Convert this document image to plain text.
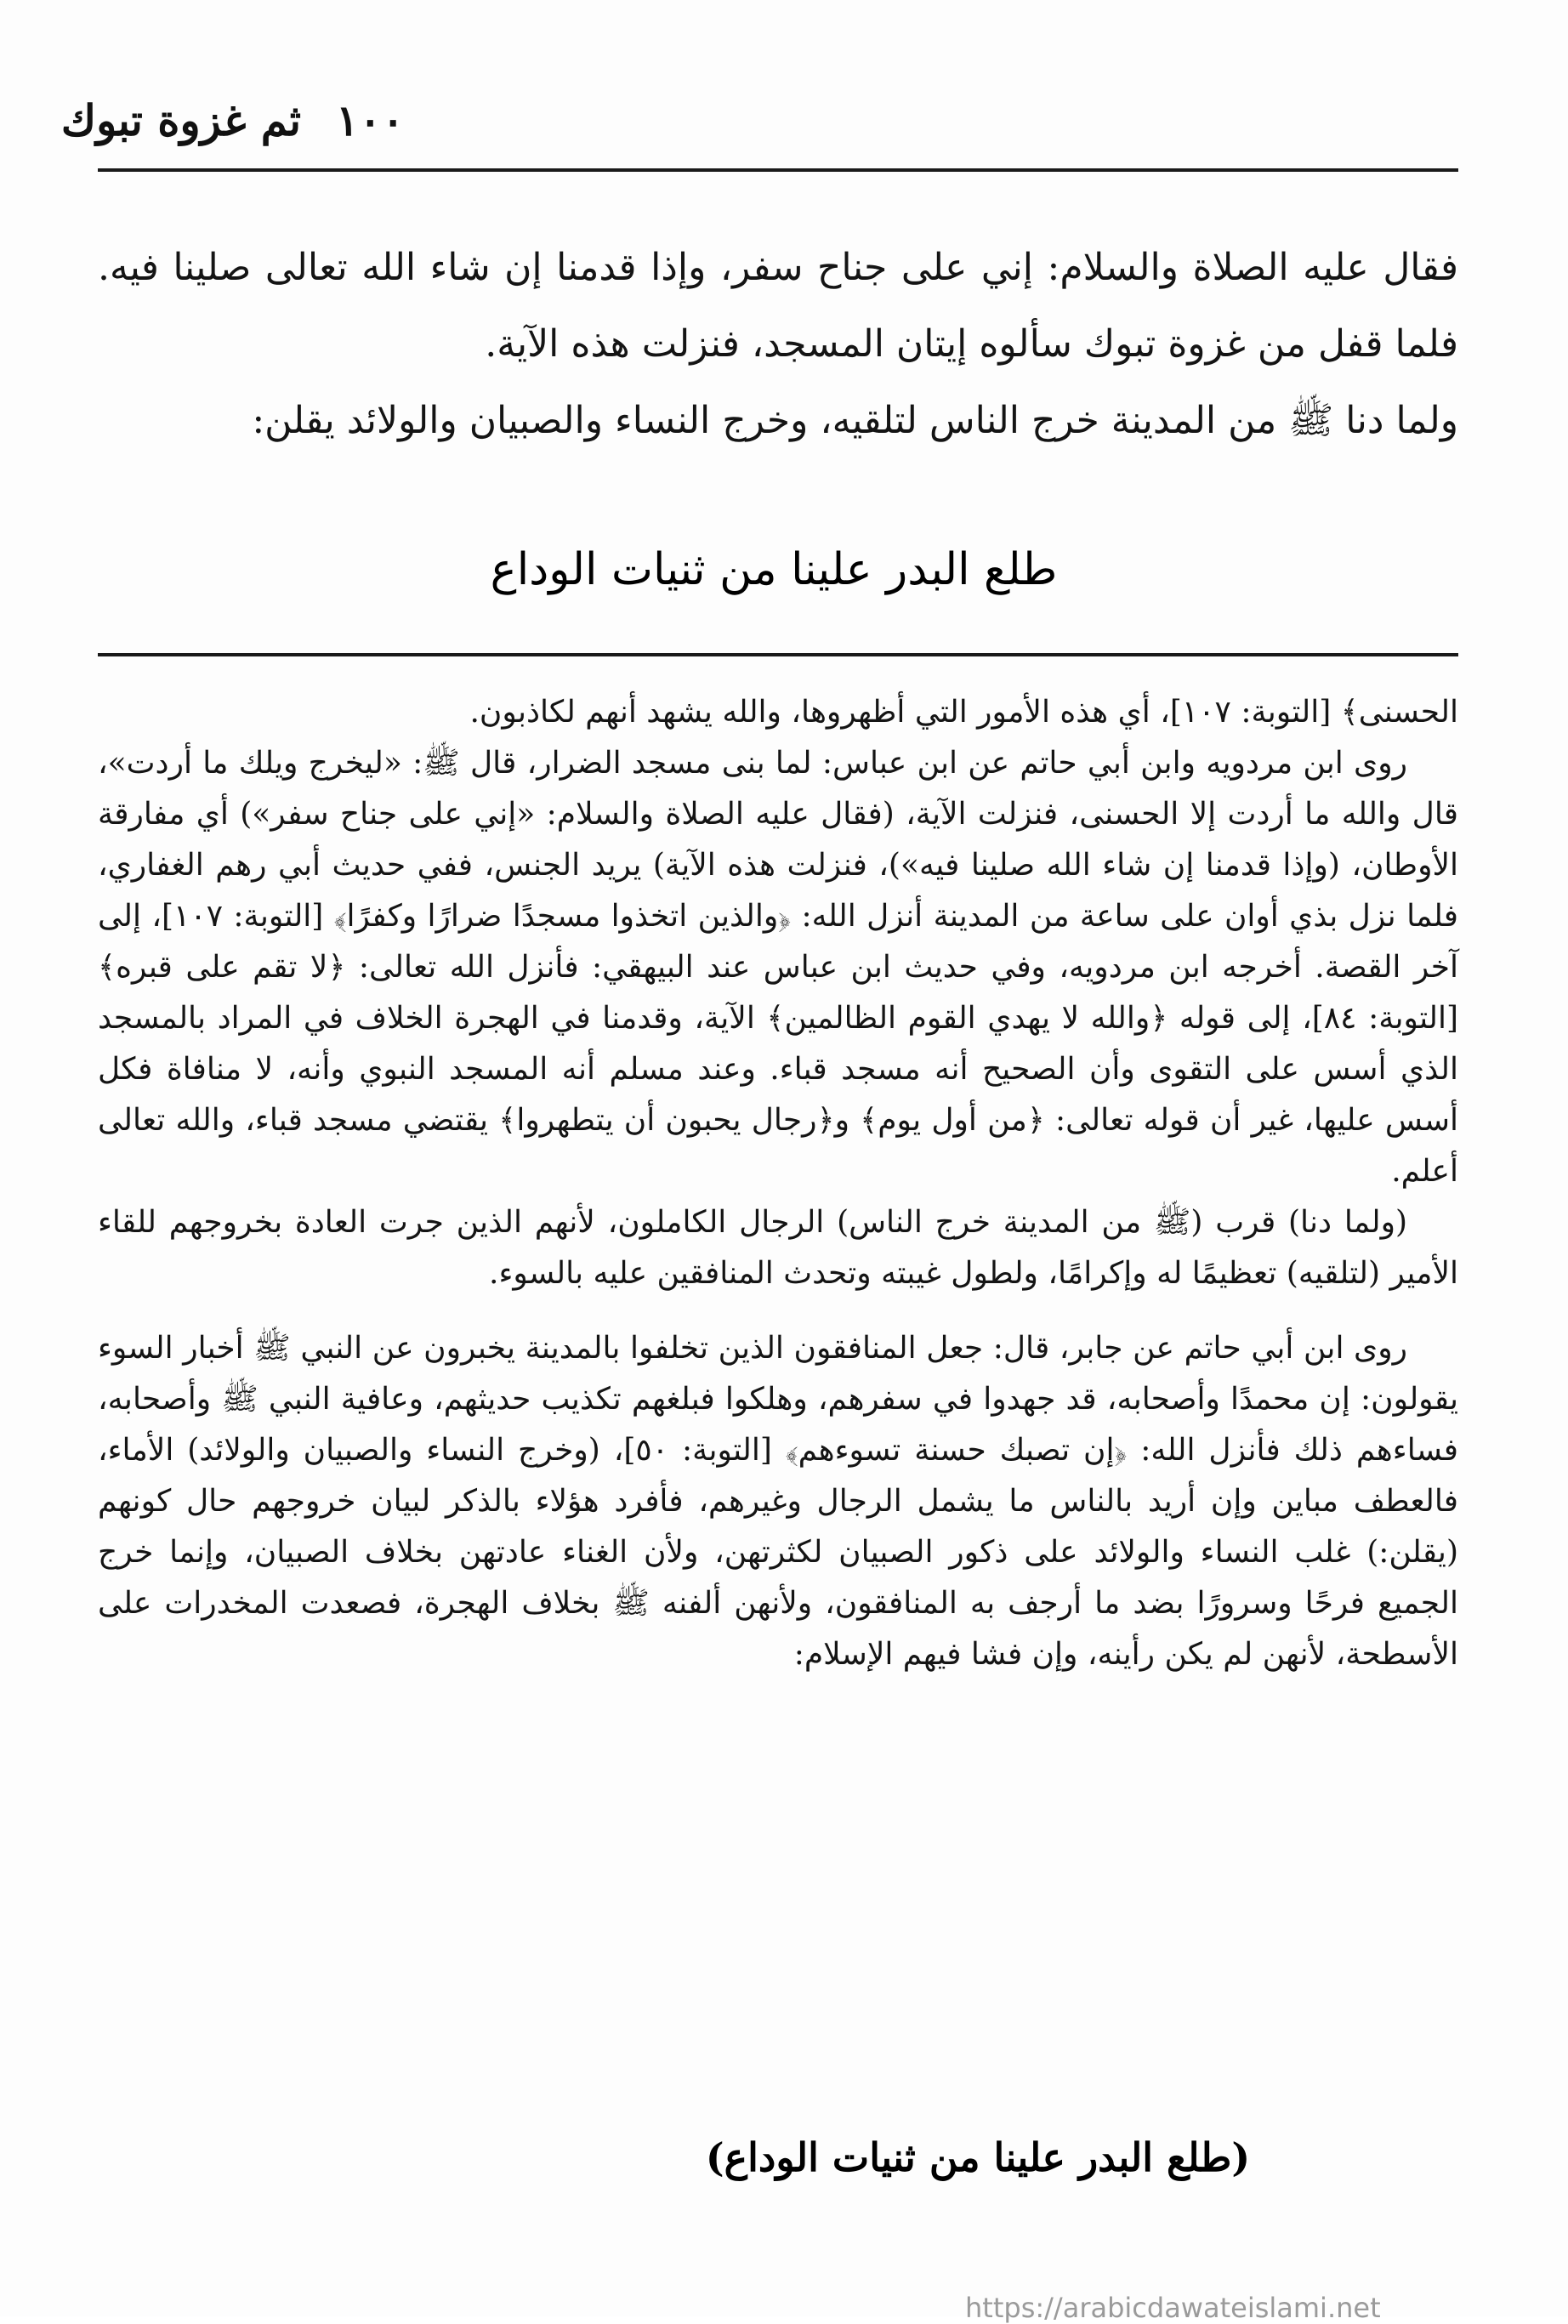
١٠٠
ثم غزوة تبوك

فقال عليه الصلاة والسلام: إني على جناح سفر، وإذا قدمنا إن شاء الله تعالى صلينا فيه. فلما قفل من غزوة تبوك سألوه إيتان المسجد، فنزلت هذه الآية.

ولما دنا ﷺ من المدينة خرج الناس لتلقيه، وخرج النساء والصبيان والولائد يقلن:

طلع البدر علينا من ثنيات الوداع

الحسنى﴾ [التوبة: ١٠٧]، أي هذه الأمور التي أظهروها، والله يشهد أنهم لكاذبون.

روى ابن مردويه وابن أبي حاتم عن ابن عباس: لما بنى مسجد الضرار، قال ﷺ: «ليخرج ويلك ما أردت»، قال والله ما أردت إلا الحسنى، فنزلت الآية، (فقال عليه الصلاة والسلام: «إني على جناح سفر») أي مفارقة الأوطان، (وإذا قدمنا إن شاء الله صلينا فيه»)، فنزلت هذه الآية) يريد الجنس، ففي حديث أبي رهم الغفاري، فلما نزل بذي أوان على ساعة من المدينة أنزل الله: ﴿والذين اتخذوا مسجدًا ضرارًا وكفرًا﴾ [التوبة: ١٠٧]، إلى آخر القصة. أخرجه ابن مردويه، وفي حديث ابن عباس عند البيهقي: فأنزل الله تعالى: ﴿لا تقم على قبره﴾ [التوبة: ٨٤]، إلى قوله ﴿والله لا يهدي القوم الظالمين﴾ الآية، وقدمنا في الهجرة الخلاف في المراد بالمسجد الذي أسس على التقوى وأن الصحيح أنه مسجد قباء. وعند مسلم أنه المسجد النبوي وأنه، لا منافاة فكل أسس عليها، غير أن قوله تعالى: ﴿من أول يوم﴾ و﴿رجال يحبون أن يتطهروا﴾ يقتضي مسجد قباء، والله تعالى أعلم.

(ولما دنا) قرب (ﷺ من المدينة خرج الناس) الرجال الكاملون، لأنهم الذين جرت العادة بخروجهم للقاء الأمير (لتلقيه) تعظيمًا له وإكرامًا، ولطول غيبته وتحدث المنافقين عليه بالسوء.

روى ابن أبي حاتم عن جابر، قال: جعل المنافقون الذين تخلفوا بالمدينة يخبرون عن النبي ﷺ أخبار السوء يقولون: إن محمدًا وأصحابه، قد جهدوا في سفرهم، وهلكوا فبلغهم تكذيب حديثهم، وعافية النبي ﷺ وأصحابه، فساءهم ذلك فأنزل الله: ﴿إن تصبك حسنة تسوءهم﴾ [التوبة: ٥٠]، (وخرج النساء والصبيان والولائد) الأماء، فالعطف مباين وإن أريد بالناس ما يشمل الرجال وغيرهم، فأفرد هؤلاء بالذكر لبيان خروجهم حال كونهم (يقلن:) غلب النساء والولائد على ذكور الصبيان لكثرتهن، ولأن الغناء عادتهن بخلاف الصبيان، وإنما خرج الجميع فرحًا وسرورًا بضد ما أرجف به المنافقون، ولأنهن ألفنه ﷺ بخلاف الهجرة، فصعدت المخدرات على الأسطحة، لأنهن لم يكن رأينه، وإن فشا فيهم الإسلام:

(طلع البدر علينا من ثنيات الوداع)
https://arabicdawateislami.net
